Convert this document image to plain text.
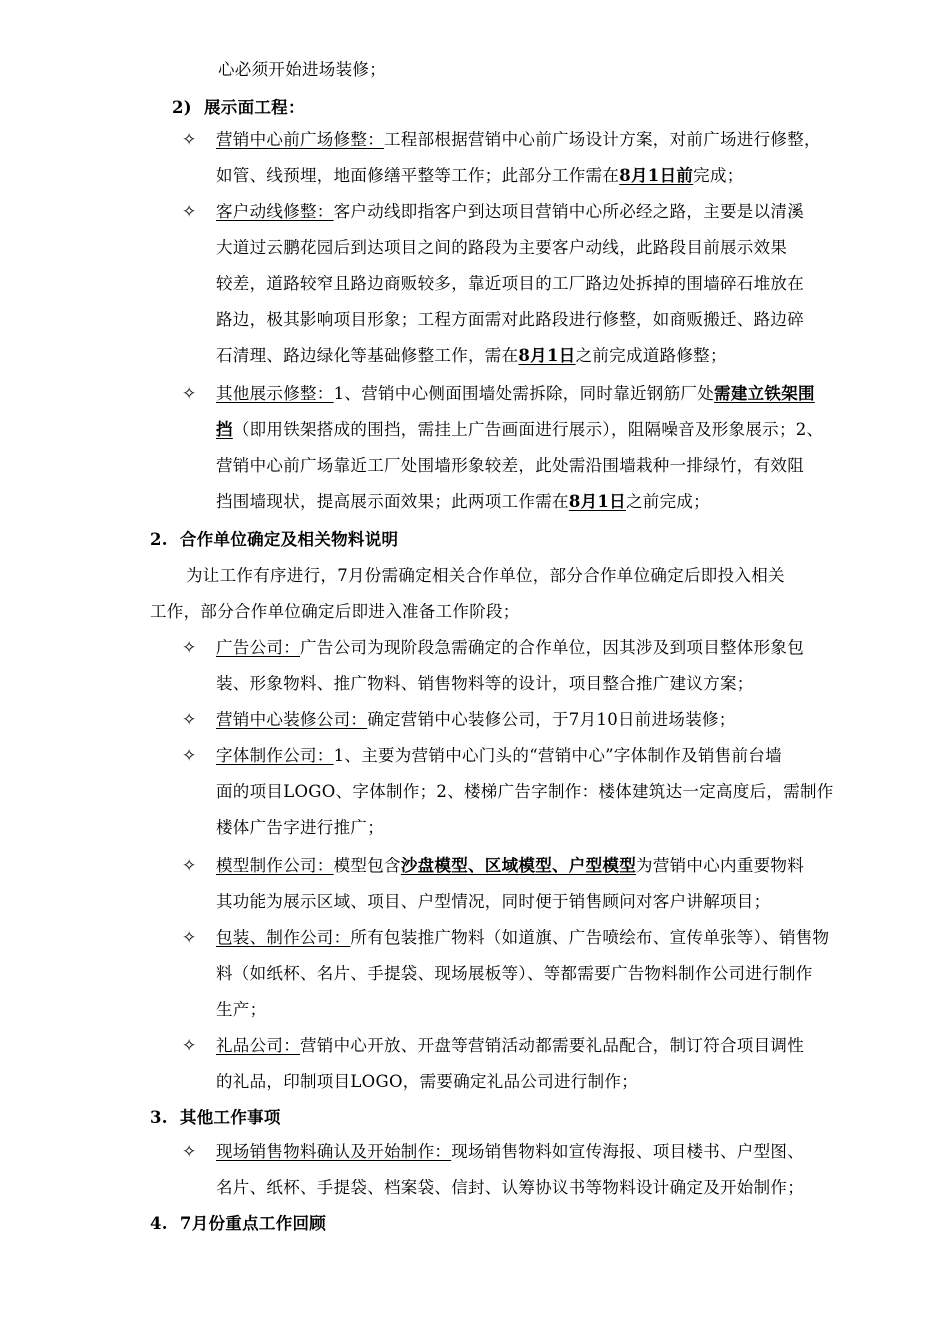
心必须开始进场装修；
2)  展示面工程：
✧ 营销中心前广场修整：工程部根据营销中心前广场设计方案，对前广场进行修整，
如管、线预埋，地面修缮平整等工作；此部分工作需在8月1日前完成；
✧ 客户动线修整：客户动线即指客户到达项目营销中心所必经之路，主要是以清溪
大道过云鹏花园后到达项目之间的路段为主要客户动线，此路段目前展示效果
较差，道路较窄且路边商贩较多，靠近项目的工厂路边处拆掉的围墙碎石堆放在
路边，极其影响项目形象；工程方面需对此路段进行修整，如商贩搬迁、路边碎
石清理、路边绿化等基础修整工作，需在8月1日之前完成道路修整；
✧ 其他展示修整：1、营销中心侧面围墙处需拆除，同时靠近钢筋厂处需建立铁架围
挡（即用铁架搭成的围挡，需挂上广告画面进行展示），阻隔噪音及形象展示；2、
营销中心前广场靠近工厂处围墙形象较差，此处需沿围墙栽种一排绿竹，有效阻
挡围墙现状，提高展示面效果；此两项工作需在8月1日之前完成；
2.  合作单位确定及相关物料说明
为让工作有序进行，7月份需确定相关合作单位，部分合作单位确定后即投入相关
工作，部分合作单位确定后即进入准备工作阶段；
✧ 广告公司：广告公司为现阶段急需确定的合作单位，因其涉及到项目整体形象包
装、形象物料、推广物料、销售物料等的设计，项目整合推广建议方案；
✧ 营销中心装修公司：确定营销中心装修公司，于7月10日前进场装修；
✧ 字体制作公司：1、主要为营销中心门头的“营销中心”字体制作及销售前台墙
面的项目LOGO、字体制作；2、楼梯广告字制作：楼体建筑达一定高度后，需制作
楼体广告字进行推广；
✧ 模型制作公司：模型包含沙盘模型、区域模型、户型模型为营销中心内重要物料
其功能为展示区域、项目、户型情况，同时便于销售顾问对客户讲解项目；
✧ 包装、制作公司：所有包装推广物料（如道旗、广告喷绘布、宣传单张等）、销售物
料（如纸杯、名片、手提袋、现场展板等）、等都需要广告物料制作公司进行制作
生产；
✧ 礼品公司：营销中心开放、开盘等营销活动都需要礼品配合，制订符合项目调性
的礼品，印制项目LOGO，需要确定礼品公司进行制作；
3.  其他工作事项
✧ 现场销售物料确认及开始制作：现场销售物料如宣传海报、项目楼书、户型图、
名片、纸杯、手提袋、档案袋、信封、认筹协议书等物料设计确定及开始制作；
4.  7月份重点工作回顾
